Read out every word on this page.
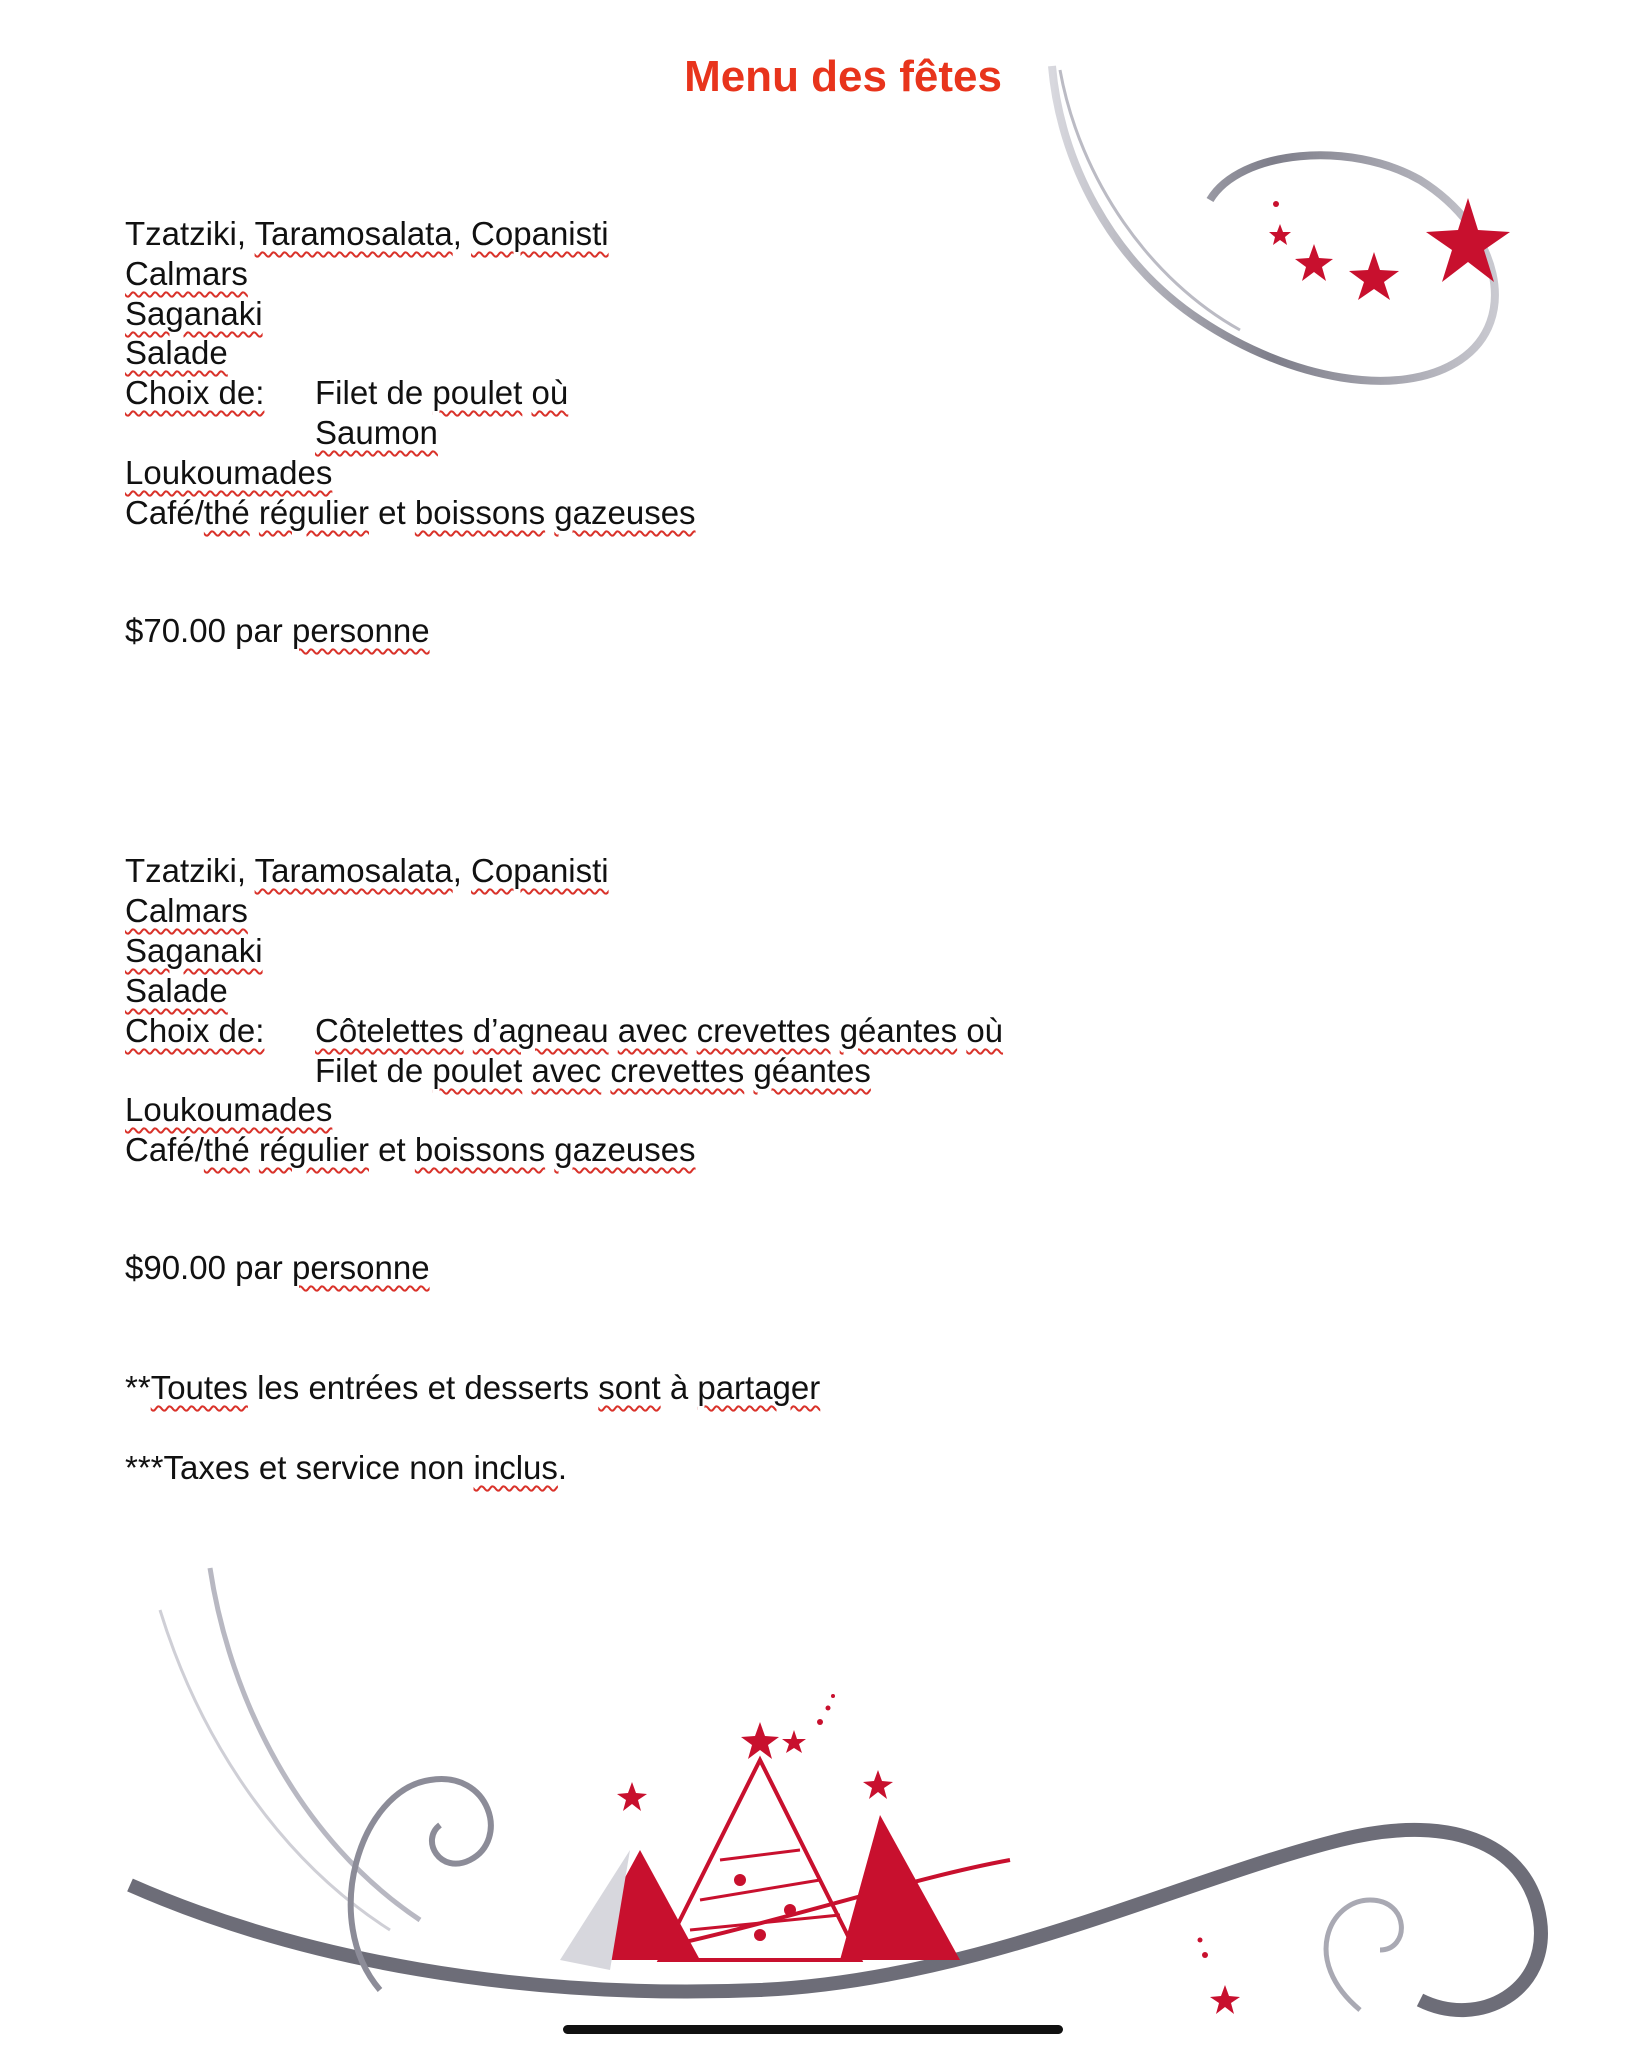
Menu des fêtes
Tzatziki, Taramosalata, Copanisti
Calmars
Saganaki
Salade
Choix de: Filet de poulet où
Saumon
Loukoumades
Café/thé régulier et boissons gazeuses
$70.00 par personne
Tzatziki, Taramosalata, Copanisti
Calmars
Saganaki
Salade
Choix de: Côtelettes d’agneau avec crevettes géantes où
Filet de poulet avec crevettes géantes
Loukoumades
Café/thé régulier et boissons gazeuses
$90.00 par personne
**Toutes les entrées et desserts sont à partager
***Taxes et service non inclus.
